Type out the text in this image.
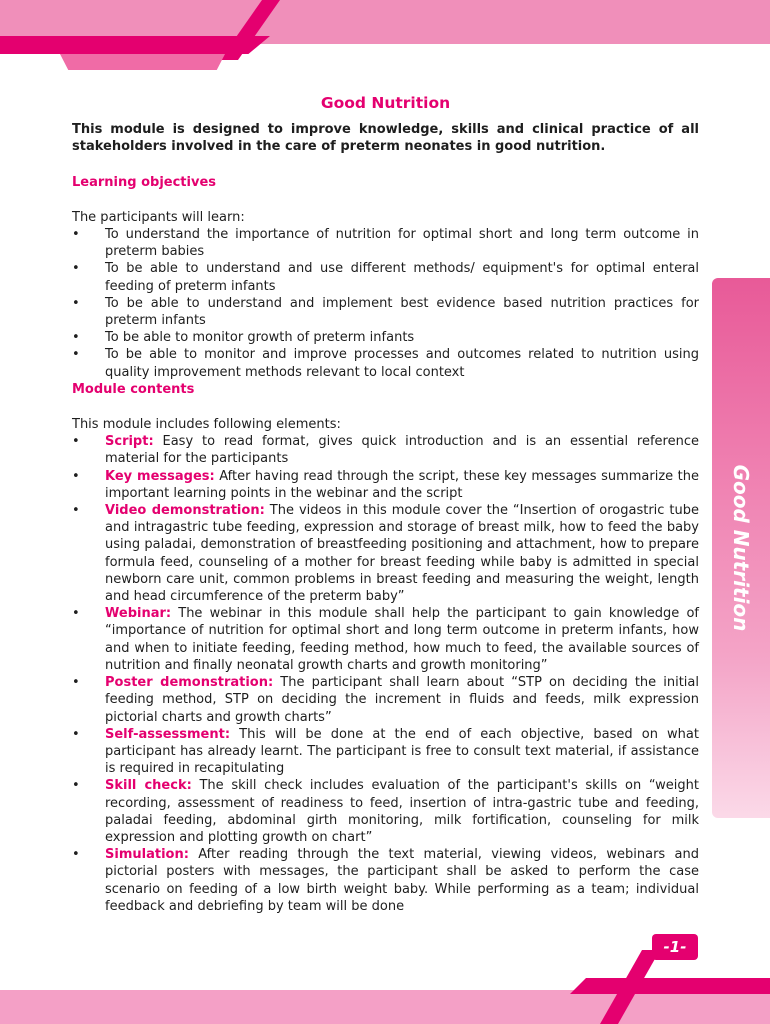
Good Nutrition
Good Nutrition

This module is designed to improve knowledge, skills and clinical practice of all stakeholders involved in the care of preterm neonates in good nutrition.

Learning objectives

The participants will learn:

• To understand the importance of nutrition for optimal short and long term outcome in preterm babies
• To be able to understand and use different methods/ equipment's for optimal enteral feeding of preterm infants
• To be able to understand and implement best evidence based nutrition practices for preterm infants
• To be able to monitor growth of preterm infants
• To be able to monitor and improve processes and outcomes related to nutrition using quality improvement methods relevant to local context

Module contents

This module includes following elements:

• Script: Easy to read format, gives quick introduction and is an essential reference material for the participants
• Key messages: After having read through the script, these key messages summarize the important learning points in the webinar and the script
• Video demonstration: The videos in this module cover the “Insertion of orogastric tube and intragastric tube feeding, expression and storage of breast milk, how to feed the baby using paladai, demonstration of breastfeeding positioning and attachment, how to prepare formula feed, counseling of a mother for breast feeding while baby is admitted in special newborn care unit, common problems in breast feeding and measuring the weight, length and head circumference of the preterm baby”
• Webinar: The webinar in this module shall help the participant to gain knowledge of “importance of nutrition for optimal short and long term outcome in preterm infants, how and when to initiate feeding, feeding method, how much to feed, the available sources of nutrition and finally neonatal growth charts and growth monitoring”
• Poster demonstration: The participant shall learn about “STP on deciding the initial feeding method, STP on deciding the increment in fluids and feeds, milk expression pictorial charts and growth charts”
• Self-assessment: This will be done at the end of each objective, based on what participant has already learnt. The participant is free to consult text material, if assistance is required in recapitulating
• Skill check: The skill check includes evaluation of the participant's skills on “weight recording, assessment of readiness to feed, insertion of intra-gastric tube and feeding, paladai feeding, abdominal girth monitoring, milk fortification, counseling for milk expression and plotting growth on chart”
• Simulation: After reading through the text material, viewing videos, webinars and pictorial posters with messages, the participant shall be asked to perform the case scenario on feeding of a low birth weight baby. While performing as a team; individual feedback and debriefing by team will be done
-1-
